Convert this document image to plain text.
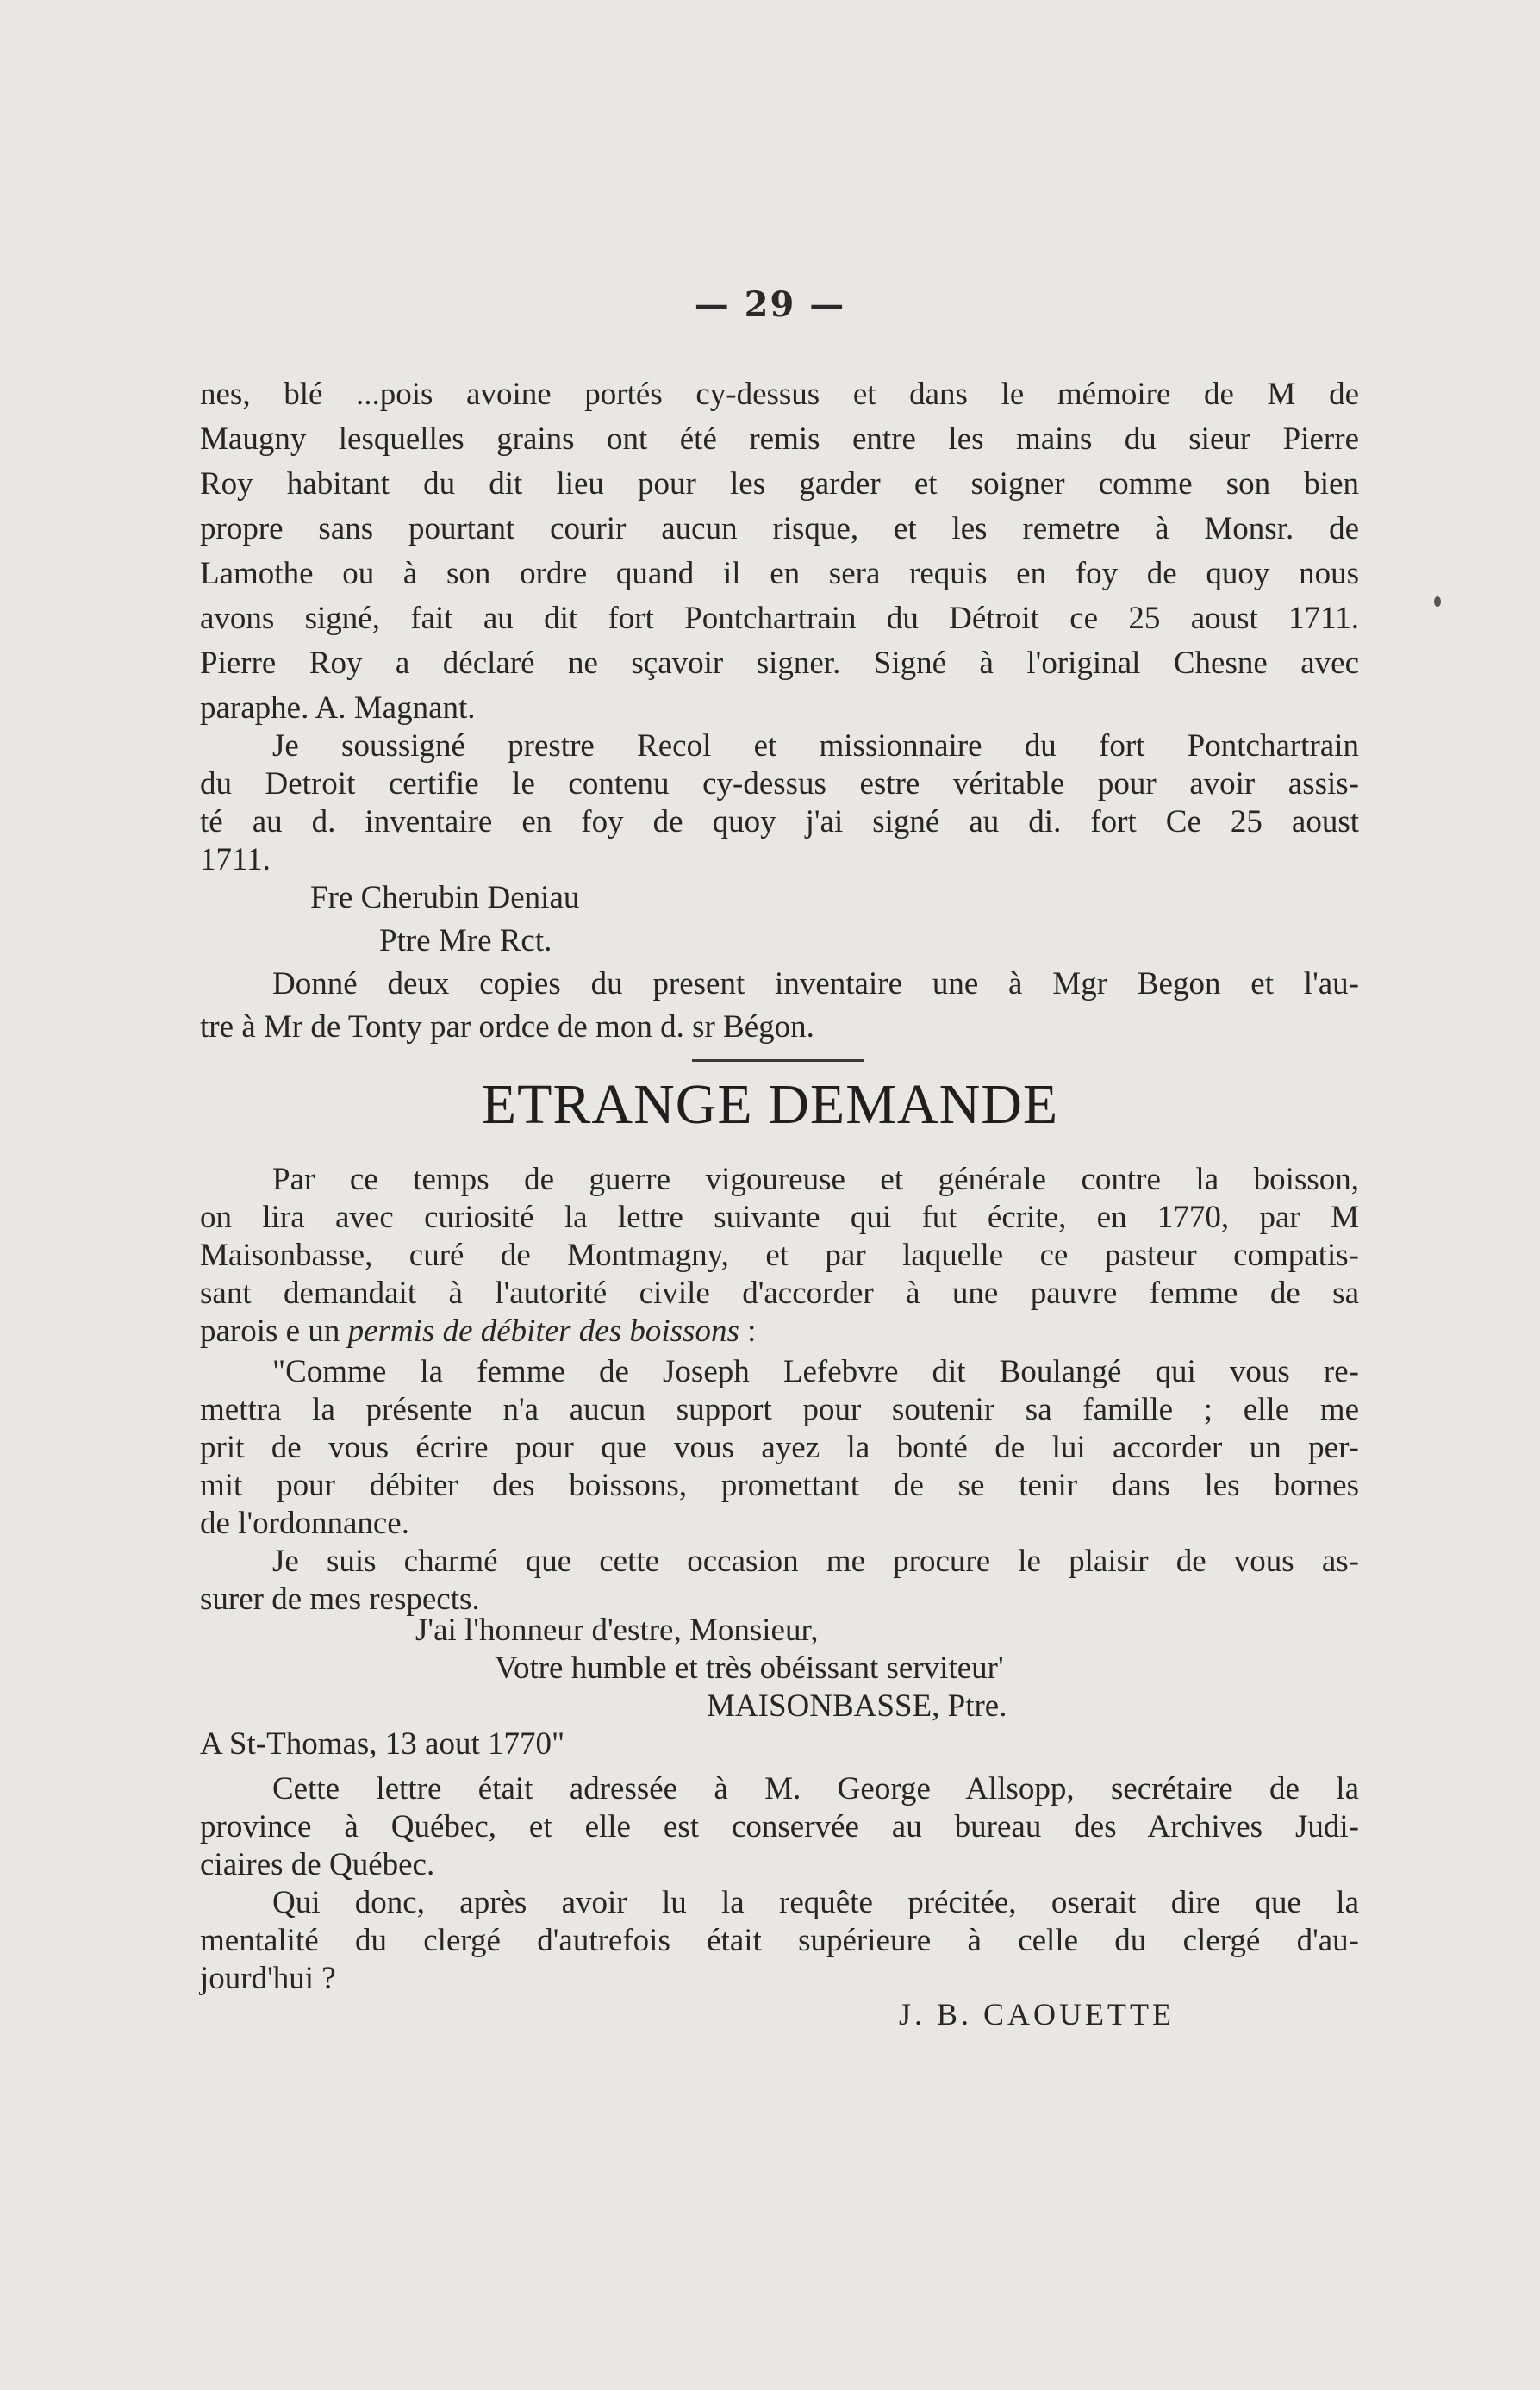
— 29 —
nes, blé ...pois avoine portés cy-dessus et dans le mémoire de M de
Maugny lesquelles grains ont été remis entre les mains du sieur Pierre
Roy habitant du dit lieu pour les garder et soigner comme son bien
propre sans pourtant courir aucun risque, et les remetre à Monsr. de
Lamothe ou à son ordre quand il en sera requis en foy de quoy nous
avons signé, fait au dit fort Pontchartrain du Détroit ce 25 aoust 1711.
Pierre Roy a déclaré ne sçavoir signer. Signé à l'original Chesne avec
paraphe. A. Magnant.
Je soussigné prestre Recol et missionnaire du fort Pontchartrain
du Detroit certifie le contenu cy-dessus estre véritable pour avoir assis-
té au d. inventaire en foy de quoy j'ai signé au di. fort Ce 25 aoust
1711.
Fre Cherubin Deniau
Ptre Mre Rct.
Donné deux copies du present inventaire une à Mgr Begon et l'au-
tre à Mr de Tonty par ordce de mon d. sr Bégon.
ETRANGE DEMANDE
Par ce temps de guerre vigoureuse et générale contre la boisson,
on lira avec curiosité la lettre suivante qui fut écrite, en 1770, par M
Maisonbasse, curé de Montmagny, et par laquelle ce pasteur compatis-
sant demandait à l'autorité civile d'accorder à une pauvre femme de sa
parois e un permis de débiter des boissons :
"Comme la femme de Joseph Lefebvre dit Boulangé qui vous re-
mettra la présente n'a aucun support pour soutenir sa famille ; elle me
prit de vous écrire pour que vous ayez la bonté de lui accorder un per-
mit pour débiter des boissons, promettant de se tenir dans les bornes
de l'ordonnance.
Je suis charmé que cette occasion me procure le plaisir de vous as-
surer de mes respects.
J'ai l'honneur d'estre, Monsieur,
Votre humble et très obéissant serviteur'
MAISONBASSE, Ptre.
A St-Thomas, 13 aout 1770"
Cette lettre était adressée à M. George Allsopp, secrétaire de la
province à Québec, et elle est conservée au bureau des Archives Judi-
ciaires de Québec.
Qui donc, après avoir lu la requête précitée, oserait dire que la
mentalité du clergé d'autrefois était supérieure à celle du clergé d'au-
jourd'hui ?
J. B. CAOUETTE
